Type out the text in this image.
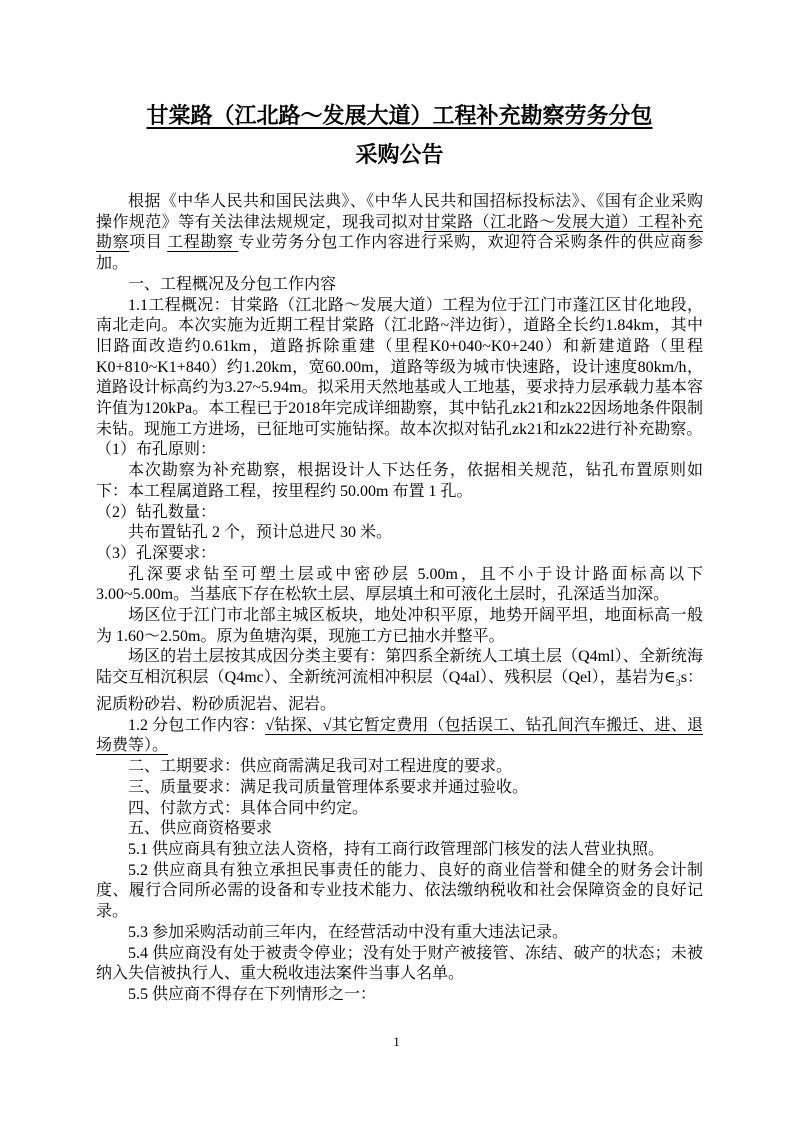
甘棠路（江北路～发展大道）工程补充勘察劳务分包
采购公告

根据《中华人民共和国民法典》、《中华人民共和国招标投标法》、《国有企业采购操作规范》等有关法律法规规定，现我司拟对甘棠路（江北路～发展大道）工程补充勘察项目 工程勘察 专业劳务分包工作内容进行采购，欢迎符合采购条件的供应商参加。

一、工程概况及分包工作内容

1.1工程概况：甘棠路（江北路～发展大道）工程为位于江门市蓬江区甘化地段，南北走向。本次实施为近期工程甘棠路（江北路~泮边街），道路全长约1.84km，其中旧路面改造约0.61km，道路拆除重建（里程K0+040~K0+240）和新建道路（里程K0+810~K1+840）约1.20km，宽60.00m，道路等级为城市快速路，设计速度80km/h，道路设计标高约为3.27~5.94m。拟采用天然地基或人工地基，要求持力层承载力基本容许值为120kPa。本工程已于2018年完成详细勘察，其中钻孔zk21和zk22因场地条件限制未钻。现施工方进场，已征地可实施钻探。故本次拟对钻孔zk21和zk22进行补充勘察。

（1）布孔原则：

本次勘察为补充勘察，根据设计人下达任务，依据相关规范，钻孔布置原则如下：本工程属道路工程，按里程约 50.00m 布置 1 孔。

（2）钻孔数量：

共布置钻孔 2 个，预计总进尺 30 米。

（3）孔深要求：

孔深要求钻至可塑土层或中密砂层 5.00m，且不小于设计路面标高以下3.00~5.00m。当基底下存在松软土层、厚层填土和可液化土层时，孔深适当加深。

场区位于江门市北部主城区板块，地处冲积平原，地势开阔平坦，地面标高一般为 1.60～2.50m。原为鱼塘沟渠，现施工方已抽水并整平。

场区的岩土层按其成因分类主要有：第四系全新统人工填土层（Q4ml）、全新统海陆交互相沉积层（Q4mc）、全新统河流相冲积层（Q4al）、残积层（Qel），基岩为$\in_3s$：泥质粉砂岩、粉砂质泥岩、泥岩。

1.2 分包工作内容：√钻探、√其它暂定费用（包括误工、钻孔间汽车搬迁、进、退场费等）。

二、工期要求：供应商需满足我司对工程进度的要求。

三、质量要求：满足我司质量管理体系要求并通过验收。

四、付款方式：具体合同中约定。

五、供应商资格要求

5.1 供应商具有独立法人资格，持有工商行政管理部门核发的法人营业执照。

5.2 供应商具有独立承担民事责任的能力、良好的商业信誉和健全的财务会计制度、履行合同所必需的设备和专业技术能力、依法缴纳税收和社会保障资金的良好记录。

5.3 参加采购活动前三年内，在经营活动中没有重大违法记录。

5.4 供应商没有处于被责令停业；没有处于财产被接管、冻结、破产的状态；未被纳入失信被执行人、重大税收违法案件当事人名单。

5.5 供应商不得存在下列情形之一：

1
